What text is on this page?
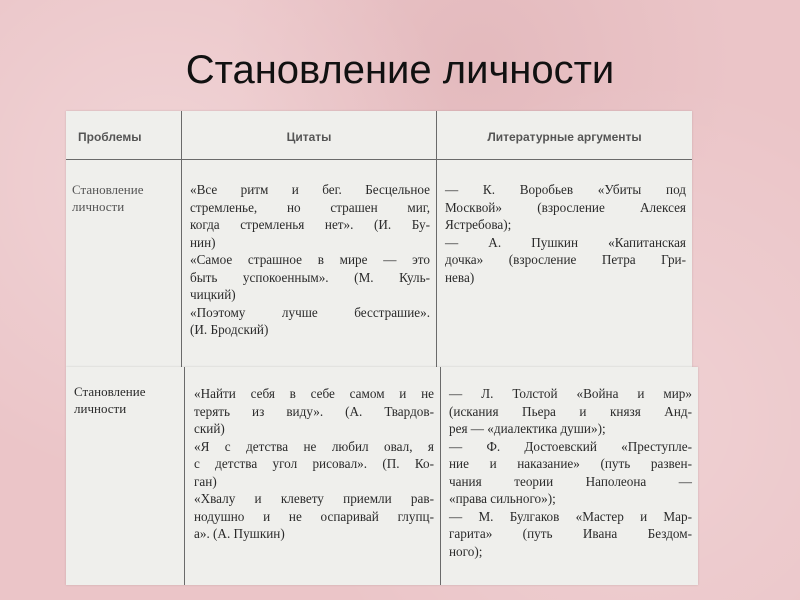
Становление личности
Проблемы	Цитаты	Литературные аргументы
Становление
личности
«Все ритм и бег. Бесцельное
стремленье, но страшен миг,
когда стремленья нет». (И. Бу-
нин)
«Самое страшное в мире — это
быть успокоенным». (М. Куль-
чицкий)
«Поэтому лучше бесстрашие».
(И. Бродский)
— К. Воробьев «Убиты под
Москвой» (взросление Алексея
Ястребова);
— А. Пушкин «Капитанская
дочка» (взросление Петра Гри-
нева)
Становление
личности
«Найти себя в себе самом и не
терять из виду». (А. Твардов-
ский)
«Я с детства не любил овал, я
с детства угол рисовал». (П. Ко-
ган)
«Хвалу и клевету приемли рав-
нодушно и не оспаривай глупц-
а». (А. Пушкин)
— Л. Толстой «Война и мир»
(искания Пьера и князя Анд-
рея — «диалектика души»);
— Ф. Достоевский «Преступле-
ние и наказание» (путь развен-
чания теории Наполеона —
«права сильного»);
— М. Булгаков «Мастер и Мар-
гарита» (путь Ивана Бездом-
ного);
